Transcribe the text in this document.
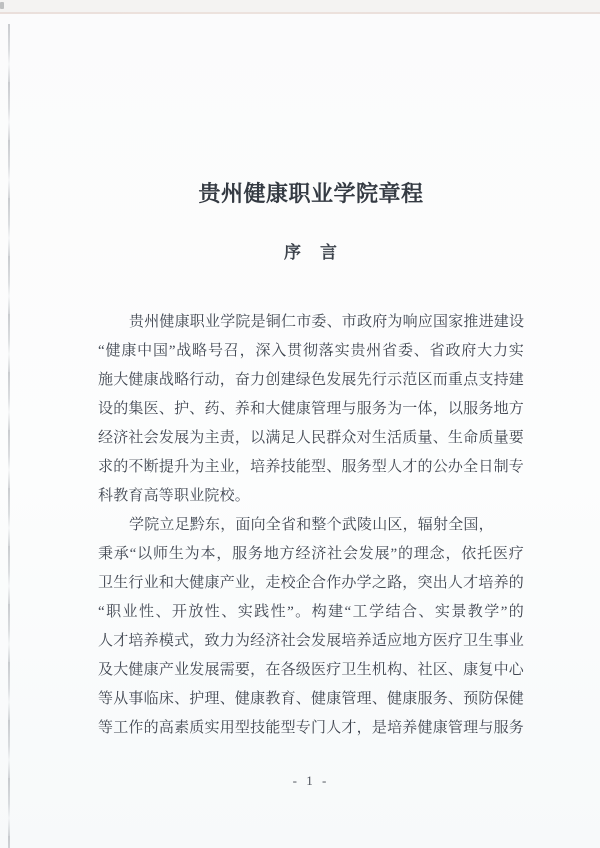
贵州健康职业学院章程
序　言
贵州健康职业学院是铜仁市委、市政府为响应国家推进建设
“健康中国”战略号召，深入贯彻落实贵州省委、省政府大力实
施大健康战略行动，奋力创建绿色发展先行示范区而重点支持建
设的集医、护、药、养和大健康管理与服务为一体，以服务地方
经济社会发展为主责，以满足人民群众对生活质量、生命质量要
求的不断提升为主业，培养技能型、服务型人才的公办全日制专
科教育高等职业院校。
学院立足黔东，面向全省和整个武陵山区，辐射全国，
秉承“以师生为本，服务地方经济社会发展”的理念，依托医疗
卫生行业和大健康产业，走校企合作办学之路，突出人才培养的
“职业性、开放性、实践性”。构建“工学结合、实景教学”的
人才培养模式，致力为经济社会发展培养适应地方医疗卫生事业
及大健康产业发展需要，在各级医疗卫生机构、社区、康复中心
等从事临床、护理、健康教育、健康管理、健康服务、预防保健
等工作的高素质实用型技能型专门人才，是培养健康管理与服务
- 1 -
